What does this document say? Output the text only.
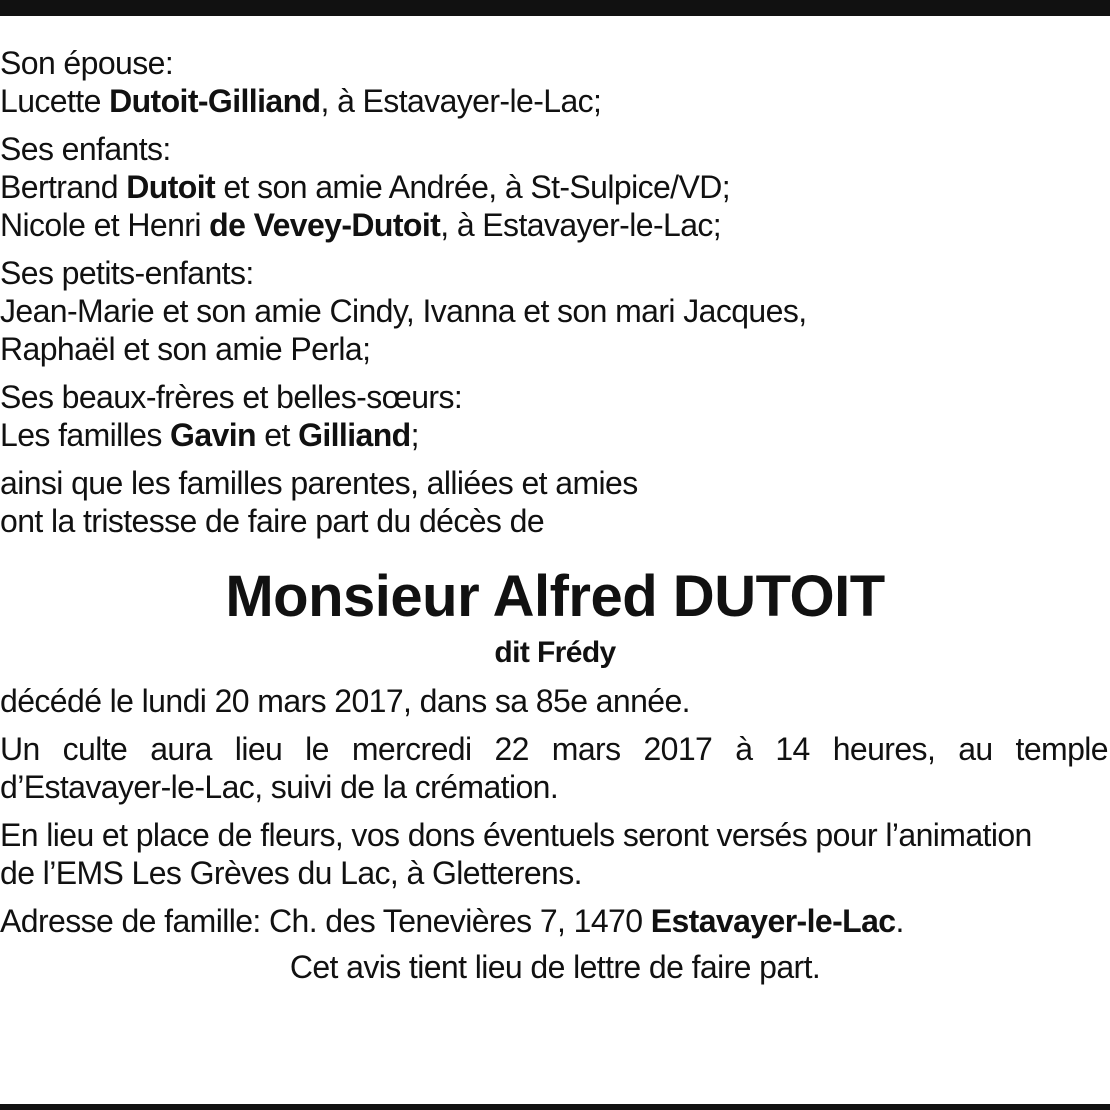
Son épouse:
Lucette Dutoit-Gilliand, à Estavayer-le-Lac;
Ses enfants:
Bertrand Dutoit et son amie Andrée, à St-Sulpice/VD;
Nicole et Henri de Vevey-Dutoit, à Estavayer-le-Lac;
Ses petits-enfants:
Jean-Marie et son amie Cindy, Ivanna et son mari Jacques,
Raphaël et son amie Perla;
Ses beaux-frères et belles-sœurs:
Les familles Gavin et Gilliand;
ainsi que les familles parentes, alliées et amies
ont la tristesse de faire part du décès de
Monsieur Alfred DUTOIT
dit Frédy
décédé le lundi 20 mars 2017, dans sa 85e année.
Un culte aura lieu le mercredi 22 mars 2017 à 14 heures, au temple
d’Estavayer-le-Lac, suivi de la crémation.
En lieu et place de fleurs, vos dons éventuels seront versés pour l’animation
de l’EMS Les Grèves du Lac, à Gletterens.
Adresse de famille: Ch. des Tenevières 7, 1470 Estavayer-le-Lac.
Cet avis tient lieu de lettre de faire part.
